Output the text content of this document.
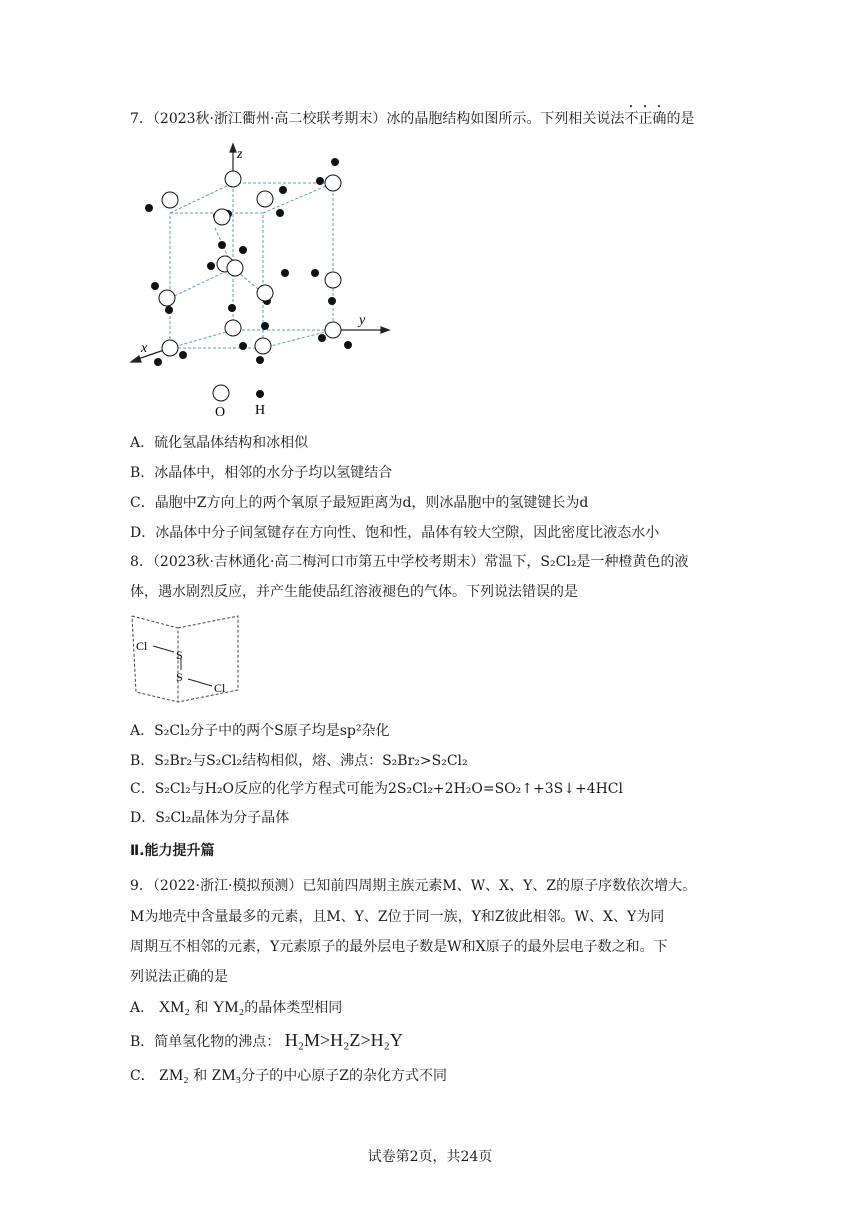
7．（2023秋·浙江衢州·高二校联考期末）冰的晶胞结构如图所示。下列相关说法不正确的是
z
y
x
O H
A．硫化氢晶体结构和冰相似
B．冰晶体中，相邻的水分子均以氢键结合
C．晶胞中Z方向上的两个氧原子最短距离为d，则冰晶胞中的氢键键长为d
D．冰晶体中分子间氢键存在方向性、饱和性，晶体有较大空隙，因此密度比液态水小
8．（2023秋·吉林通化·高二梅河口市第五中学校考期末）常温下，S₂Cl₂是一种橙黄色的液
体，遇水剧烈反应，并产生能使品红溶液褪色的气体。下列说法错误的是
Cl
S
S
Cl
A．S₂Cl₂分子中的两个S原子均是sp²杂化
B．S₂Br₂与S₂Cl₂结构相似，熔、沸点：S₂Br₂>S₂Cl₂
C．S₂Cl₂与H₂O反应的化学方程式可能为2S₂Cl₂+2H₂O=SO₂↑+3S↓+4HCl
D．S₂Cl₂晶体为分子晶体
Ⅱ.能力提升篇
9．（2022·浙江·模拟预测）已知前四周期主族元素M、W、X、Y、Z的原子序数依次增大。
M为地壳中含量最多的元素，且M、Y、Z位于同一族，Y和Z彼此相邻。W、X、Y为同
周期互不相邻的元素，Y元素原子的最外层电子数是W和X原子的最外层电子数之和。下
列说法正确的是
A． XM₂ 和 YM₂的晶体类型相同
B．简单氢化物的沸点： H₂M>H₂Z>H₂Y
C． ZM₂ 和 ZM₃分子的中心原子Z的杂化方式不同
试卷第2页，共24页
